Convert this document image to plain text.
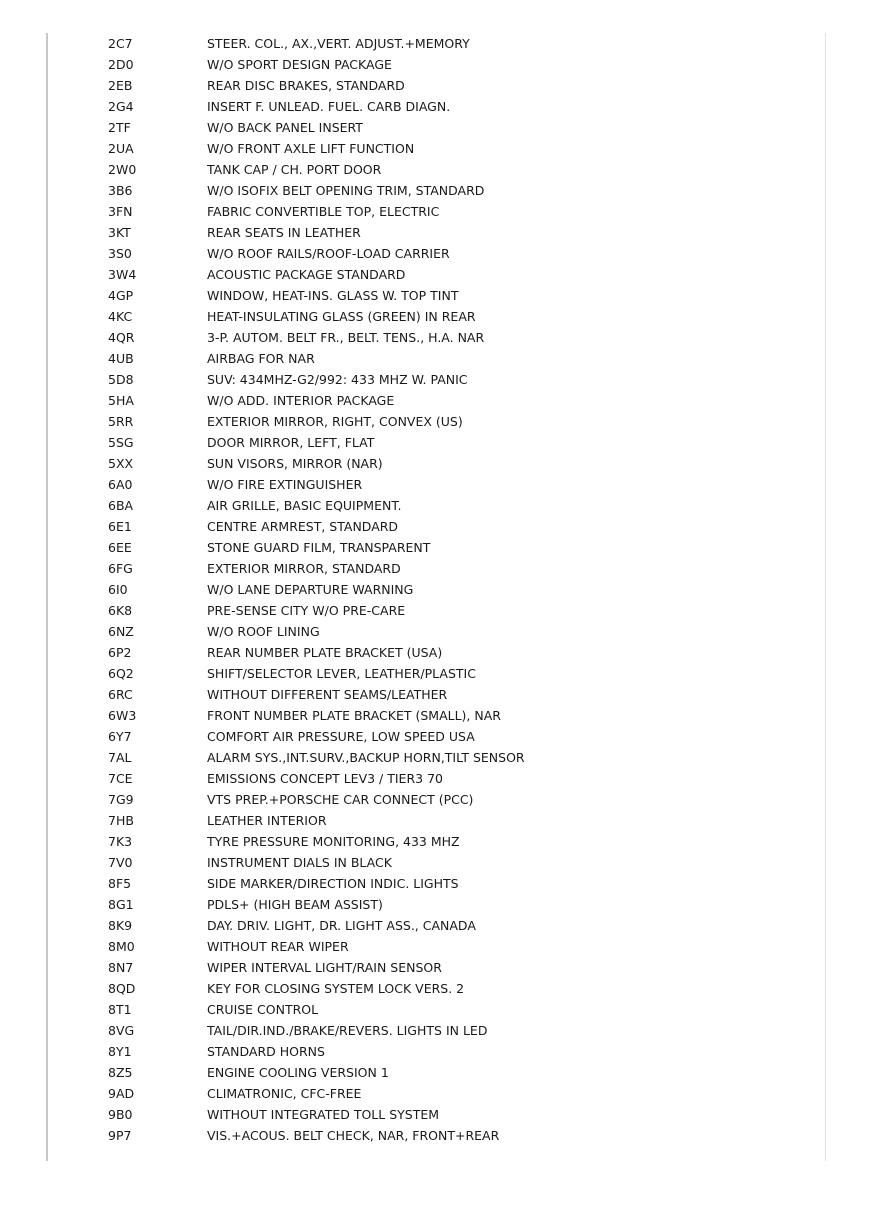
2C7	STEER. COL., AX.,VERT. ADJUST.+MEMORY
2D0	W/O SPORT DESIGN PACKAGE
2EB	REAR DISC BRAKES, STANDARD
2G4	INSERT F. UNLEAD. FUEL. CARB DIAGN.
2TF	W/O BACK PANEL INSERT
2UA	W/O FRONT AXLE LIFT FUNCTION
2W0	TANK CAP / CH. PORT DOOR
3B6	W/O ISOFIX BELT OPENING TRIM, STANDARD
3FN	FABRIC CONVERTIBLE TOP, ELECTRIC
3KT	REAR SEATS IN LEATHER
3S0	W/O ROOF RAILS/ROOF-LOAD CARRIER
3W4	ACOUSTIC PACKAGE STANDARD
4GP	WINDOW, HEAT-INS. GLASS W. TOP TINT
4KC	HEAT-INSULATING GLASS (GREEN) IN REAR
4QR	3-P. AUTOM. BELT FR., BELT. TENS., H.A. NAR
4UB	AIRBAG FOR NAR
5D8	SUV: 434MHZ-G2/992: 433 MHZ W. PANIC
5HA	W/O ADD. INTERIOR PACKAGE
5RR	EXTERIOR MIRROR, RIGHT, CONVEX (US)
5SG	DOOR MIRROR, LEFT, FLAT
5XX	SUN VISORS, MIRROR (NAR)
6A0	W/O FIRE EXTINGUISHER
6BA	AIR GRILLE, BASIC EQUIPMENT.
6E1	CENTRE ARMREST, STANDARD
6EE	STONE GUARD FILM, TRANSPARENT
6FG	EXTERIOR MIRROR, STANDARD
6I0	W/O LANE DEPARTURE WARNING
6K8	PRE-SENSE CITY W/O PRE-CARE
6NZ	W/O ROOF LINING
6P2	REAR NUMBER PLATE BRACKET (USA)
6Q2	SHIFT/SELECTOR LEVER, LEATHER/PLASTIC
6RC	WITHOUT DIFFERENT SEAMS/LEATHER
6W3	FRONT NUMBER PLATE BRACKET (SMALL), NAR
6Y7	COMFORT AIR PRESSURE, LOW SPEED USA
7AL	ALARM SYS.,INT.SURV.,BACKUP HORN,TILT SENSOR
7CE	EMISSIONS CONCEPT LEV3 / TIER3 70
7G9	VTS PREP.+PORSCHE CAR CONNECT (PCC)
7HB	LEATHER INTERIOR
7K3	TYRE PRESSURE MONITORING, 433 MHZ
7V0	INSTRUMENT DIALS IN BLACK
8F5	SIDE MARKER/DIRECTION INDIC. LIGHTS
8G1	PDLS+ (HIGH BEAM ASSIST)
8K9	DAY. DRIV. LIGHT, DR. LIGHT ASS., CANADA
8M0	WITHOUT REAR WIPER
8N7	WIPER INTERVAL LIGHT/RAIN SENSOR
8QD	KEY FOR CLOSING SYSTEM LOCK VERS. 2
8T1	CRUISE CONTROL
8VG	TAIL/DIR.IND./BRAKE/REVERS. LIGHTS IN LED
8Y1	STANDARD HORNS
8Z5	ENGINE COOLING VERSION 1
9AD	CLIMATRONIC, CFC-FREE
9B0	WITHOUT INTEGRATED TOLL SYSTEM
9P7	VIS.+ACOUS. BELT CHECK, NAR, FRONT+REAR
